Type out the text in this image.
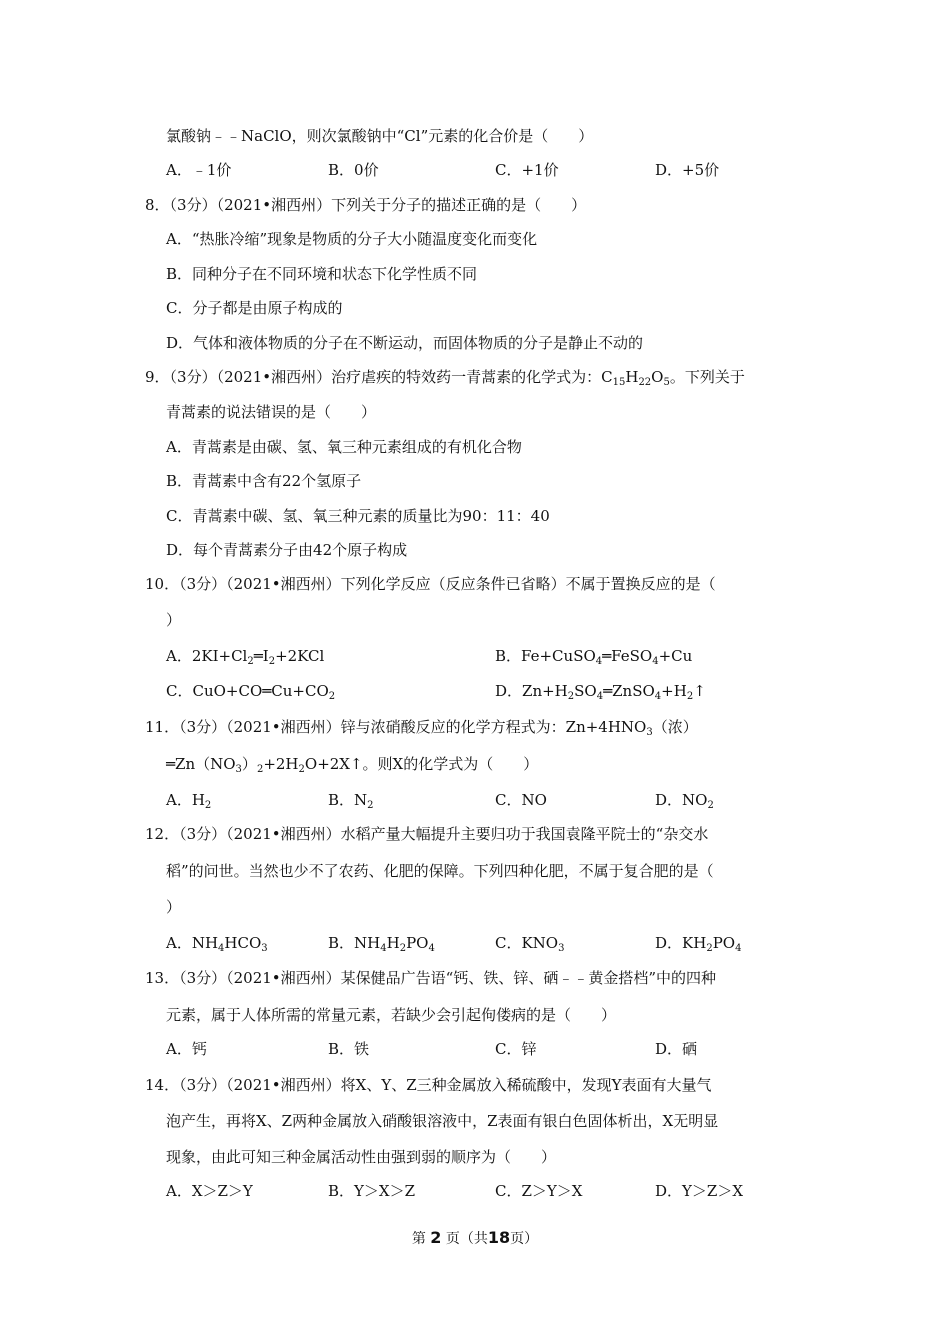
氯酸钠﹣﹣NaClO，则次氯酸钠中“Cl”元素的化合价是（　　）
A．﹣1价	B．0价	C．+1价	D．+5价
8．（3分）（2021•湘西州）下列关于分子的描述正确的是（　　）
A．“热胀冷缩”现象是物质的分子大小随温度变化而变化
B．同种分子在不同环境和状态下化学性质不同
C．分子都是由原子构成的
D．气体和液体物质的分子在不断运动，而固体物质的分子是静止不动的
9．（3分）（2021•湘西州）治疗虐疾的特效药一青蒿素的化学式为：$C_{15}H_{22}O_5$。下列关于
青蒿素的说法错误的是（　　）
A．青蒿素是由碳、氢、氧三种元素组成的有机化合物
B．青蒿素中含有22个氢原子
C．青蒿素中碳、氢、氧三种元素的质量比为90：11：40
D．每个青蒿素分子由42个原子构成
10．（3分）（2021•湘西州）下列化学反应（反应条件已省略）不属于置换反应的是（
）
A．$2KI+Cl_2═I_2+2KCl$	B．Fe+CuSO$_4$═FeSO$_4$+Cu
C．$CuO+CO═Cu+CO_2$	D．$Zn+H_2SO_4═ZnSO_4+H_2↑$
11．（3分）（2021•湘西州）锌与浓硝酸反应的化学方程式为：$Zn+4HNO_3$（浓）
$═Zn(NO_3)_2+2H_2O+2X↑$。则X的化学式为（　　）
A．$H_2$	B．$N_2$	C．NO	D．$NO_2$
12．（3分）（2021•湘西州）水稻产量大幅提升主要归功于我国袁隆平院士的“杂交水
稻”的问世。当然也少不了农药、化肥的保障。下列四种化肥，不属于复合肥的是（
）
A．$NH_4HCO_3$	B．$NH_4H_2PO_4$	C．$KNO_3$	D．$KH_2PO_4$
13．（3分）（2021•湘西州）某保健品广告语“钙、铁、锌、硒﹣﹣黄金搭档”中的四种
元素，属于人体所需的常量元素，若缺少会引起佝偻病的是（　　）
A．钙	B．铁	C．锌	D．硒
14．（3分）（2021•湘西州）将X、Y、Z三种金属放入稀硫酸中，发现Y表面有大量气
泡产生，再将X、Z两种金属放入硝酸银溶液中，Z表面有银白色固体析出，X无明显
现象，由此可知三种金属活动性由强到弱的顺序为（　　）
A．X＞Z＞Y	B．Y＞X＞Z	C．Z＞Y＞X	D．Y＞Z＞X
第 2 页（共18页）
